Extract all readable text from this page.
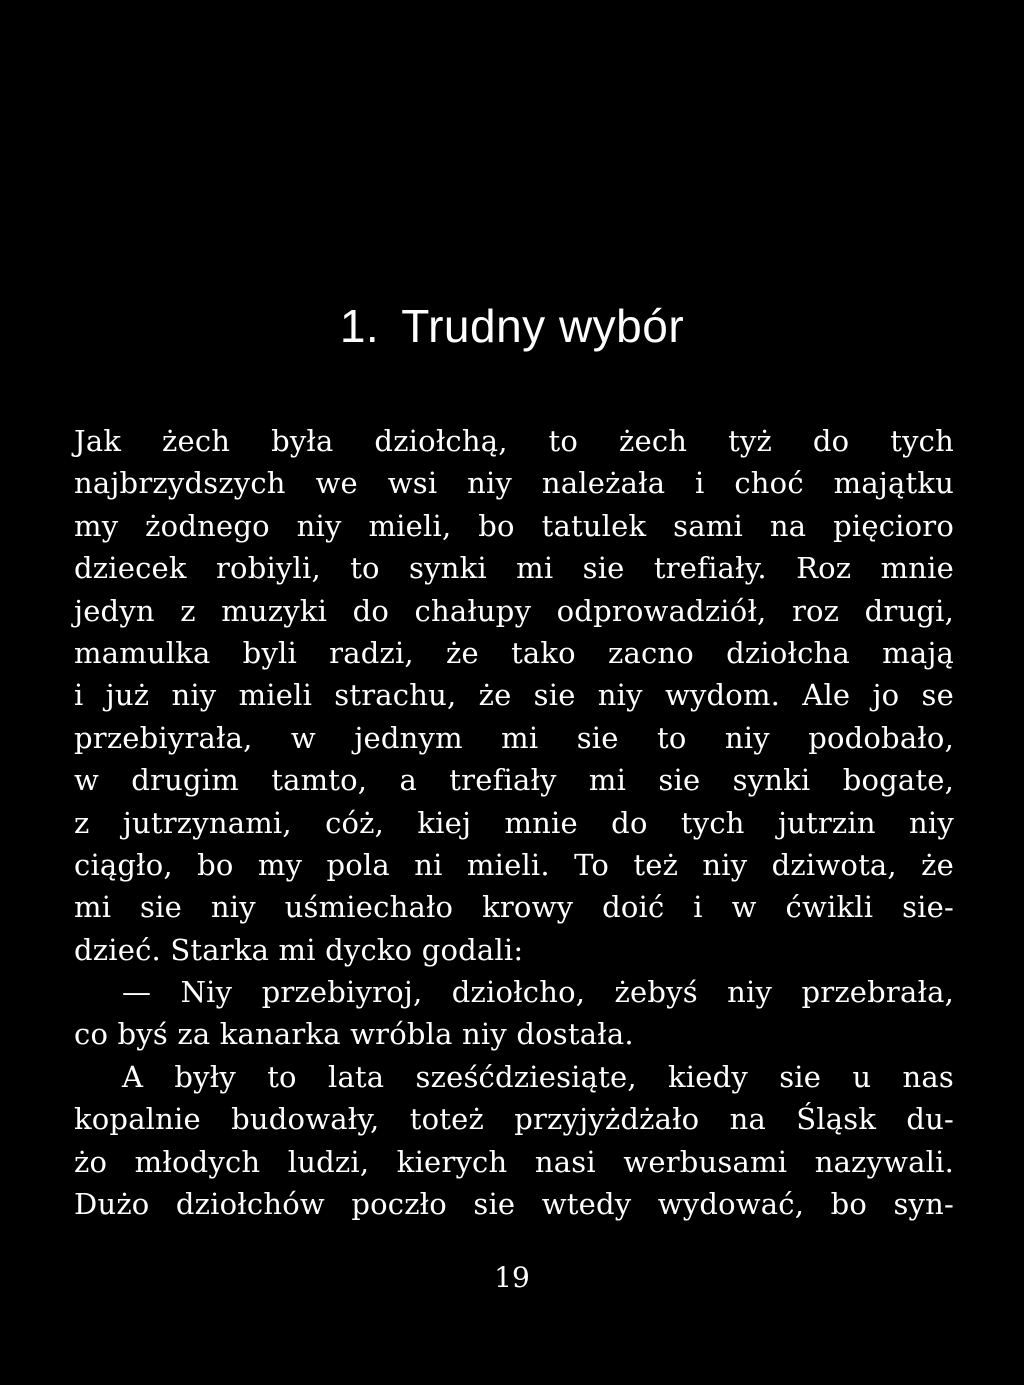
1. Trudny wybór
Jak żech była dziołchą, to żech tyż do tych
najbrzydszych we wsi niy należała i choć majątku
my żodnego niy mieli, bo tatulek sami na pięcioro
dziecek robiyli, to synki mi sie trefiały. Roz mnie
jedyn z muzyki do chałupy odprowadziół, roz drugi,
mamulka byli radzi, że tako zacno dziołcha mają
i już niy mieli strachu, że sie niy wydom. Ale jo se
przebiyrała, w jednym mi sie to niy podobało,
w drugim tamto, a trefiały mi sie synki bogate,
z jutrzynami, cóż, kiej mnie do tych jutrzin niy
ciągło, bo my pola ni mieli. To też niy dziwota, że
mi sie niy uśmiechało krowy doić i w ćwikli sie-
dzieć. Starka mi dycko godali:
— Niy przebiyroj, dziołcho, żebyś niy przebrała,
co byś za kanarka wróbla niy dostała.
A były to lata sześćdziesiąte, kiedy sie u nas
kopalnie budowały, toteż przyjyżdżało na Śląsk du-
żo młodych ludzi, kierych nasi werbusami nazywali.
Dużo dziołchów poczło sie wtedy wydować, bo syn-
19
